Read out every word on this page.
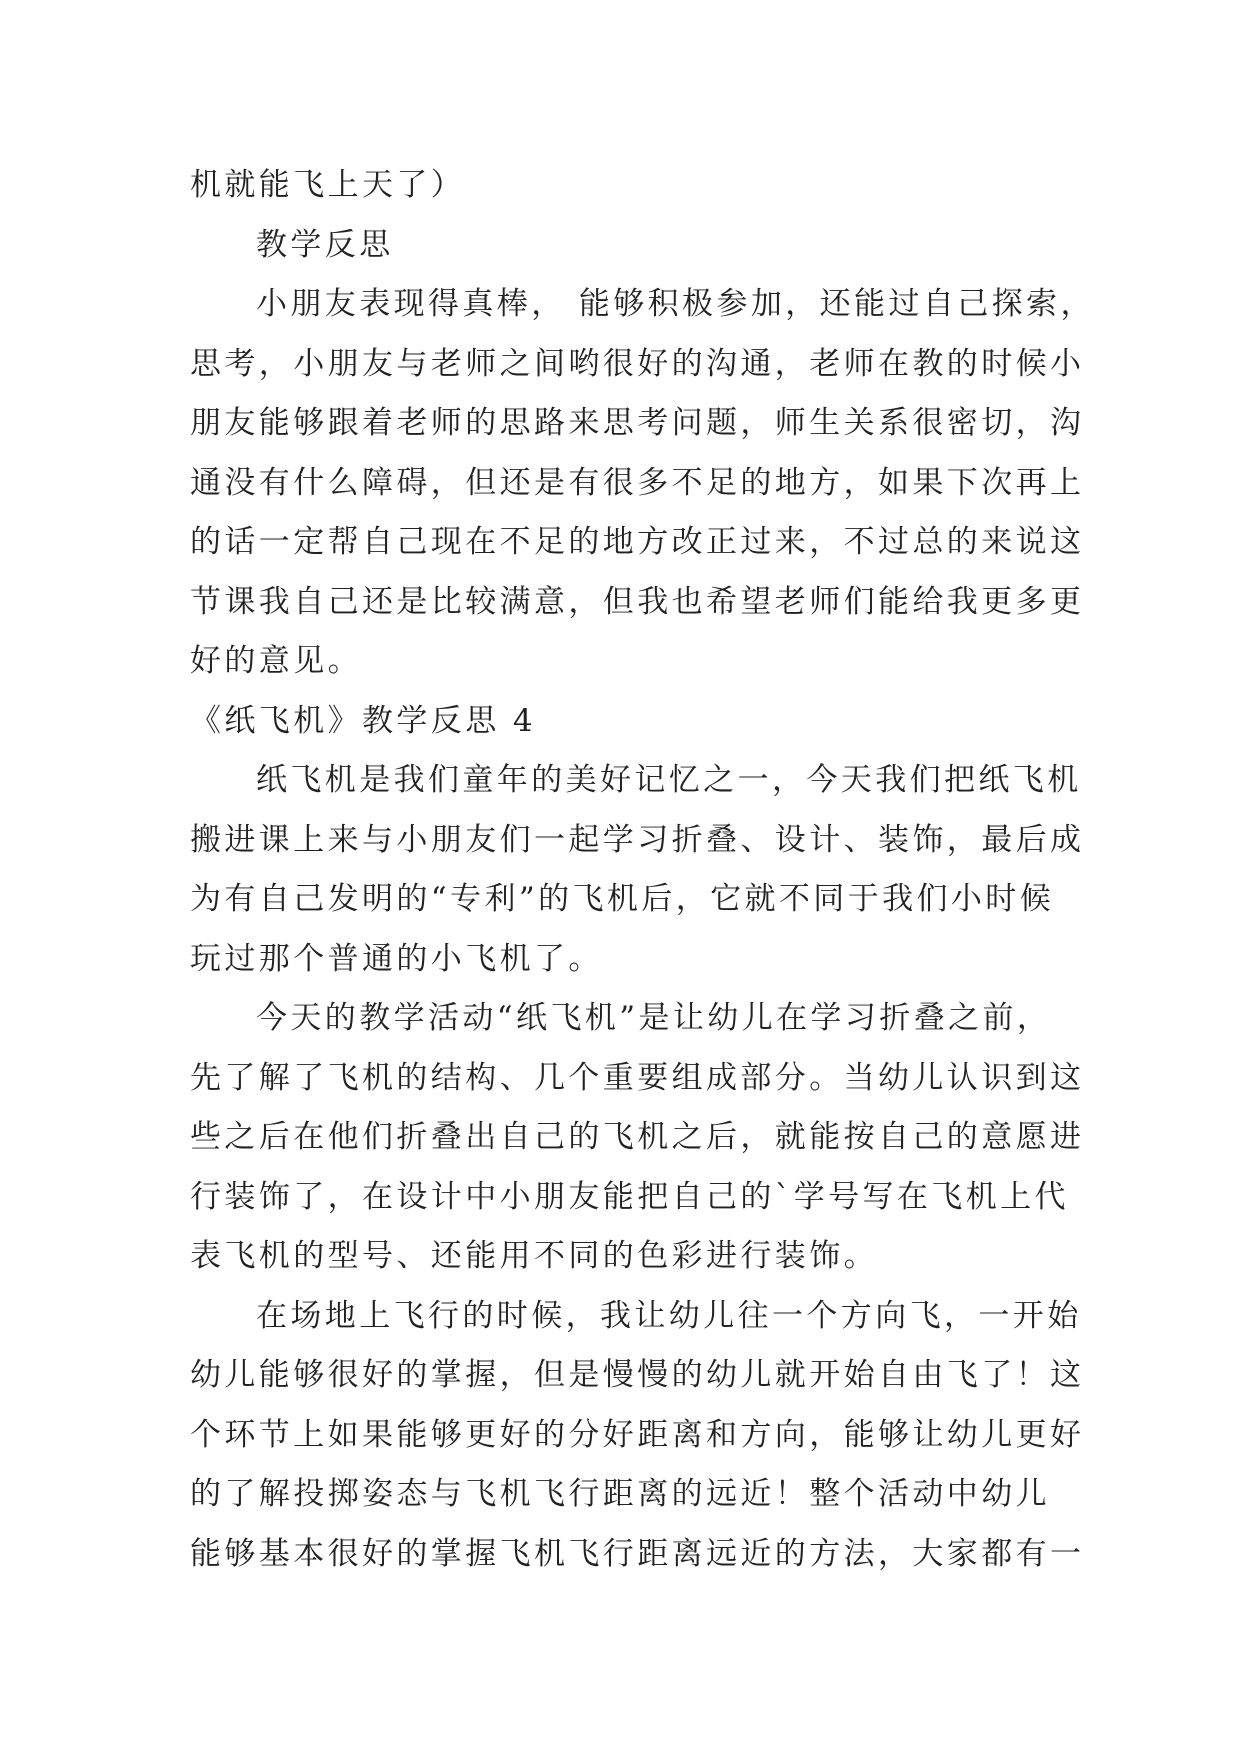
机就能飞上天了）
教学反思
小朋友表现得真棒， 能够积极参加，还能过自己探索，
思考，小朋友与老师之间哟很好的沟通，老师在教的时候小
朋友能够跟着老师的思路来思考问题，师生关系很密切，沟
通没有什么障碍，但还是有很多不足的地方，如果下次再上
的话一定帮自己现在不足的地方改正过来，不过总的来说这
节课我自己还是比较满意，但我也希望老师们能给我更多更
好的意见。
《纸飞机》教学反思 4
纸飞机是我们童年的美好记忆之一，今天我们把纸飞机
搬进课上来与小朋友们一起学习折叠、设计、装饰，最后成
为有自己发明的“专利”的飞机后，它就不同于我们小时候
玩过那个普通的小飞机了。
今天的教学活动“纸飞机”是让幼儿在学习折叠之前，
先了解了飞机的结构、几个重要组成部分。当幼儿认识到这
些之后在他们折叠出自己的飞机之后，就能按自己的意愿进
行装饰了，在设计中小朋友能把自己的`学号写在飞机上代
表飞机的型号、还能用不同的色彩进行装饰。
在场地上飞行的时候，我让幼儿往一个方向飞，一开始
幼儿能够很好的掌握，但是慢慢的幼儿就开始自由飞了！这
个环节上如果能够更好的分好距离和方向，能够让幼儿更好
的了解投掷姿态与飞机飞行距离的远近！整个活动中幼儿
能够基本很好的掌握飞机飞行距离远近的方法，大家都有一
